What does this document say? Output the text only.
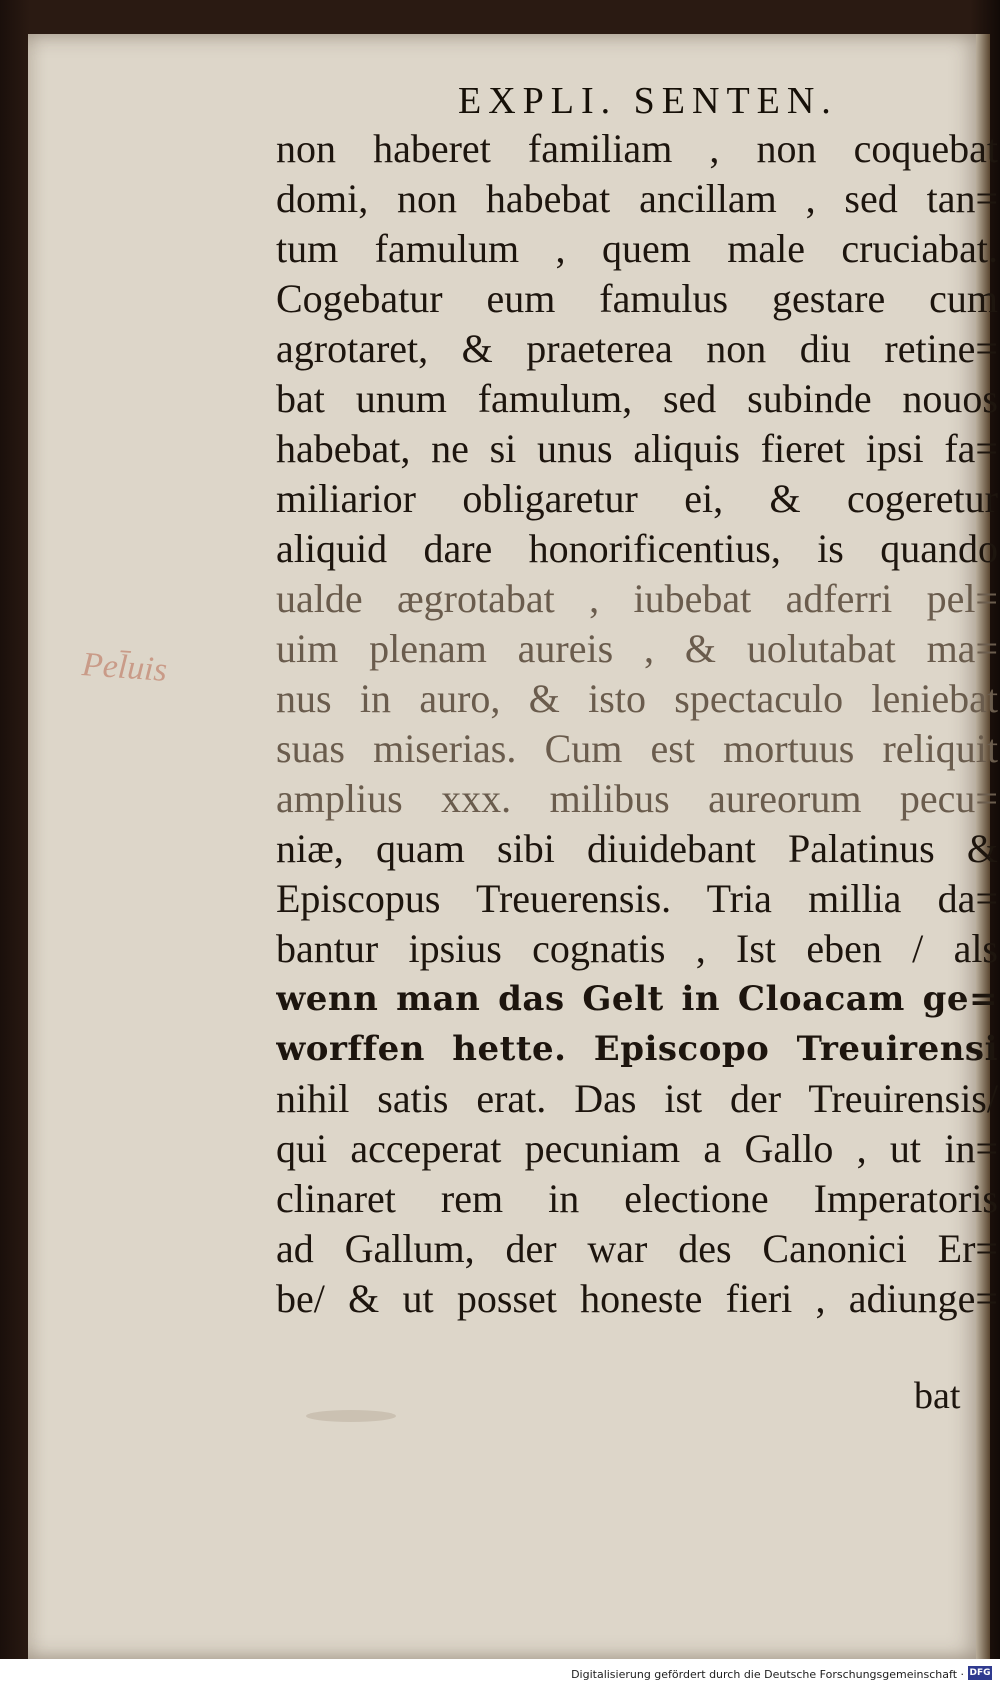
EXPLI. SENTEN.
Pel̄uis
non haberet familiam , non coquebat
domi, non habebat ancillam , sed tan=
tum famulum , quem male cruciabat.
Cogebatur eum famulus gestare cum
agrotaret, & praeterea non diu retine=
bat unum famulum, sed subinde nouos
habebat, ne si unus aliquis fieret ipsi fa=
miliarior obligaretur ei, & cogeretur
aliquid dare honorificentius, is quando
ualde ægrotabat , iubebat adferri pel=
uim plenam aureis , & uolutabat ma=
nus in auro, & isto spectaculo leniebat
suas miserias. Cum est mortuus reliquit
amplius xxx. milibus aureorum pecu=
niæ, quam sibi diuidebant Palatinus &
Episcopus Treuerensis. Tria millia da=
bantur ipsius cognatis , Ist eben / als
wenn man das Gelt in Cloacam ge=
worffen hette. Episcopo Treuirensi
nihil satis erat. Das ist der Treuirensis/
qui acceperat pecuniam a Gallo , ut in=
clinaret rem in electione Imperatoris
ad Gallum, der war des Canonici Er=
be/ & ut posset honeste fieri , adiunge=
bat
Digitalisierung gefördert durch die Deutsche Forschungsgemeinschaft · DFG
